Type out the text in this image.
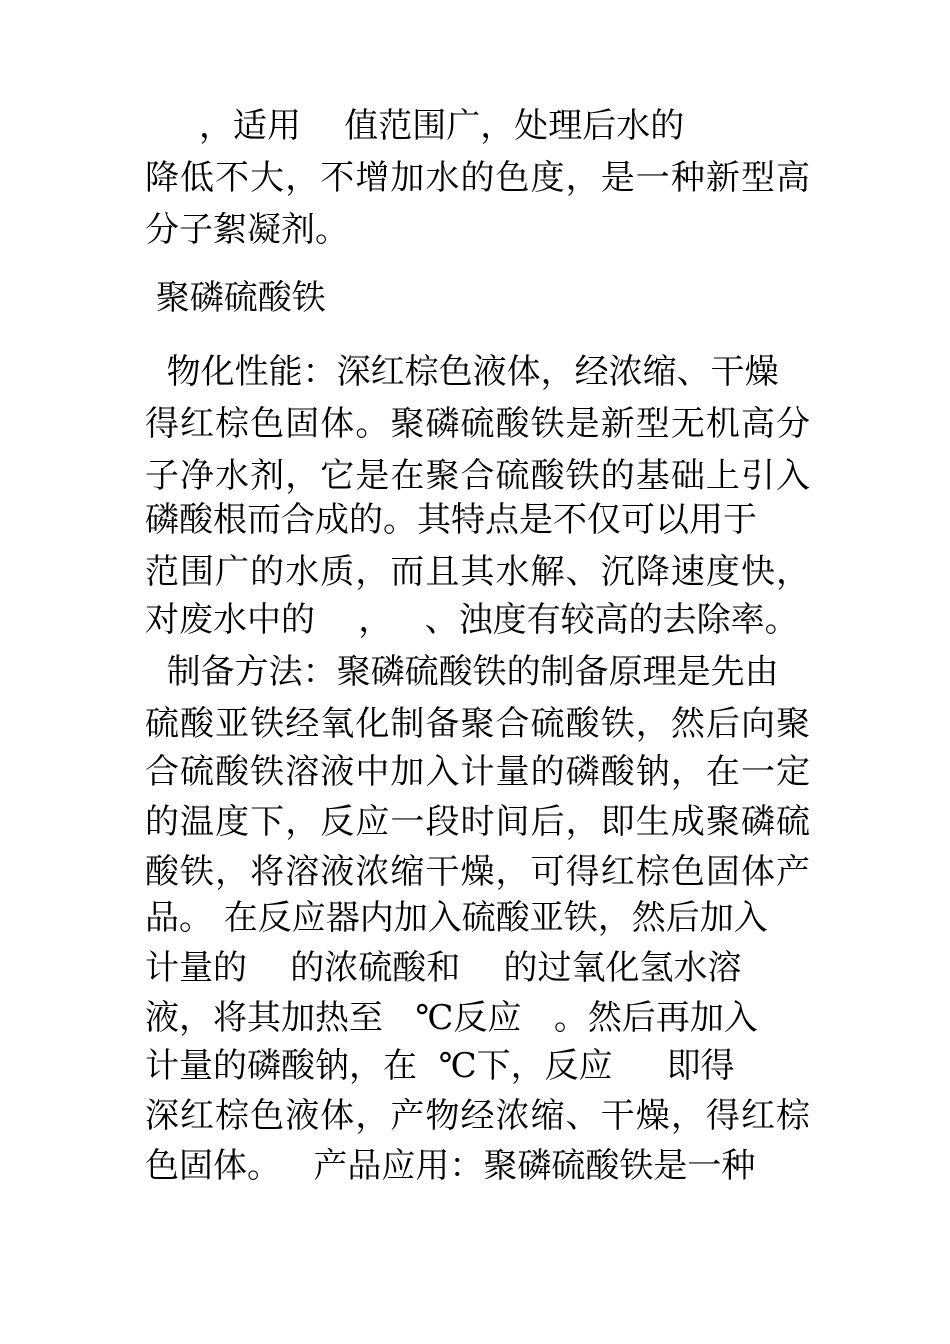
，适用    值范围广，处理后水的
降低不大，不增加水的色度，是一种新型高
分子絮凝剂。
聚磷硫酸铁
物化性能：深红棕色液体，经浓缩、干燥
得红棕色固体。聚磷硫酸铁是新型无机高分
子净水剂，它是在聚合硫酸铁的基础上引入
磷酸根而合成的。其特点是不仅可以用于
范围广的水质，而且其水解、沉降速度快，
对废水中的    ，   、浊度有较高的去除率。
制备方法：聚磷硫酸铁的制备原理是先由
硫酸亚铁经氧化制备聚合硫酸铁，然后向聚
合硫酸铁溶液中加入计量的磷酸钠，在一定
的温度下，反应一段时间后，即生成聚磷硫
酸铁，将溶液浓缩干燥，可得红棕色固体产
品。 在反应器内加入硫酸亚铁，然后加入
计量的    的浓硫酸和    的过氧化氢水溶
液，将其加热至   ℃反应   。然后再加入
计量的磷酸钠，在  ℃下，反应     即得
深红棕色液体，产物经浓缩、干燥，得红棕
色固体。   产品应用：聚磷硫酸铁是一种
